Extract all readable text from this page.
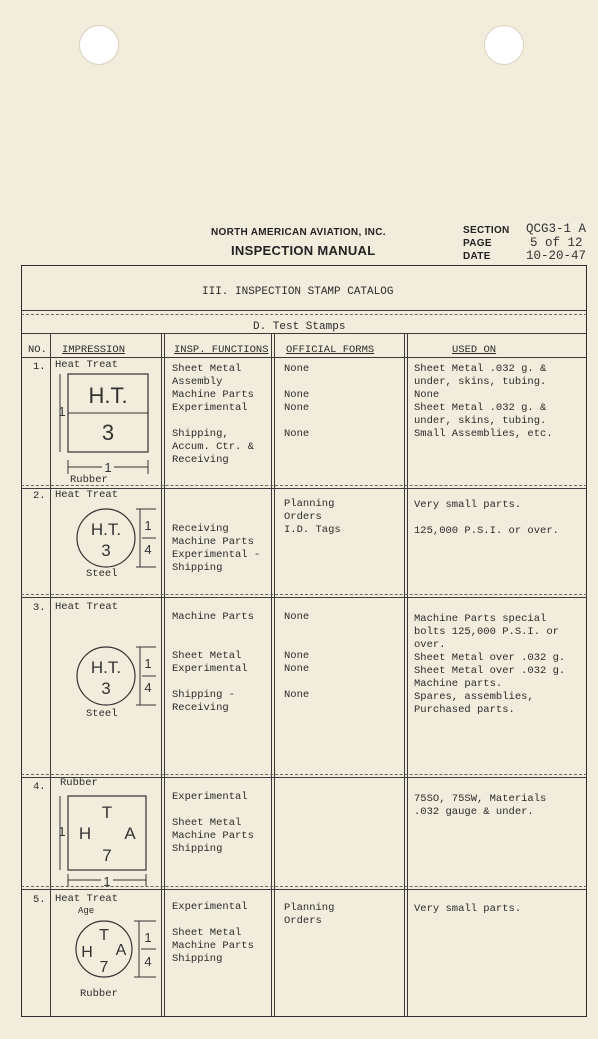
NORTH AMERICAN AVIATION, INC.
INSPECTION MANUAL
SECTION
PAGE
DATE
QCG3-1 A
5 of 12
10-20-47
III. INSPECTION STAMP CATALOG
D. Test Stamps
NO. IMPRESSION	INSP. FUNCTIONS OFFICIAL FORMS	USED ON
1. Heat Treat
H.T.
3
1
1
Rubber
Sheet Metal
Assembly
Machine Parts
Experimental

Shipping,
Accum. Ctr. &
Receiving
None

None
None

None
Sheet Metal .032 g. &
under, skins, tubing.
None
Sheet Metal .032 g. &
under, skins, tubing.
Small Assemblies, etc.
2. Heat Treat
H.T.
3
1
4
Steel
Receiving
Machine Parts
Experimental -
Shipping
Planning
Orders
I.D. Tags
Very small parts.

125,000 P.S.I. or over.
3. Heat Treat
H.T.
3
1
4
Steel
Machine Parts

Sheet Metal
Experimental

Shipping -
Receiving
None

None
None

None
Machine Parts special
bolts 125,000 P.S.I. or
over.
Sheet Metal over .032 g.
Sheet Metal over .032 g.
Machine parts.
Spares, assemblies,
Purchased parts.
4. Rubber
T
H A
7
1
1
Experimental

Sheet Metal
Machine Parts
Shipping
75SO, 75SW, Materials
.032 gauge & under.
5. Heat Treat
Age
T
H A
7
1
4
Rubber
Experimental

Sheet Metal
Machine Parts
Shipping
Planning
Orders
Very small parts.
